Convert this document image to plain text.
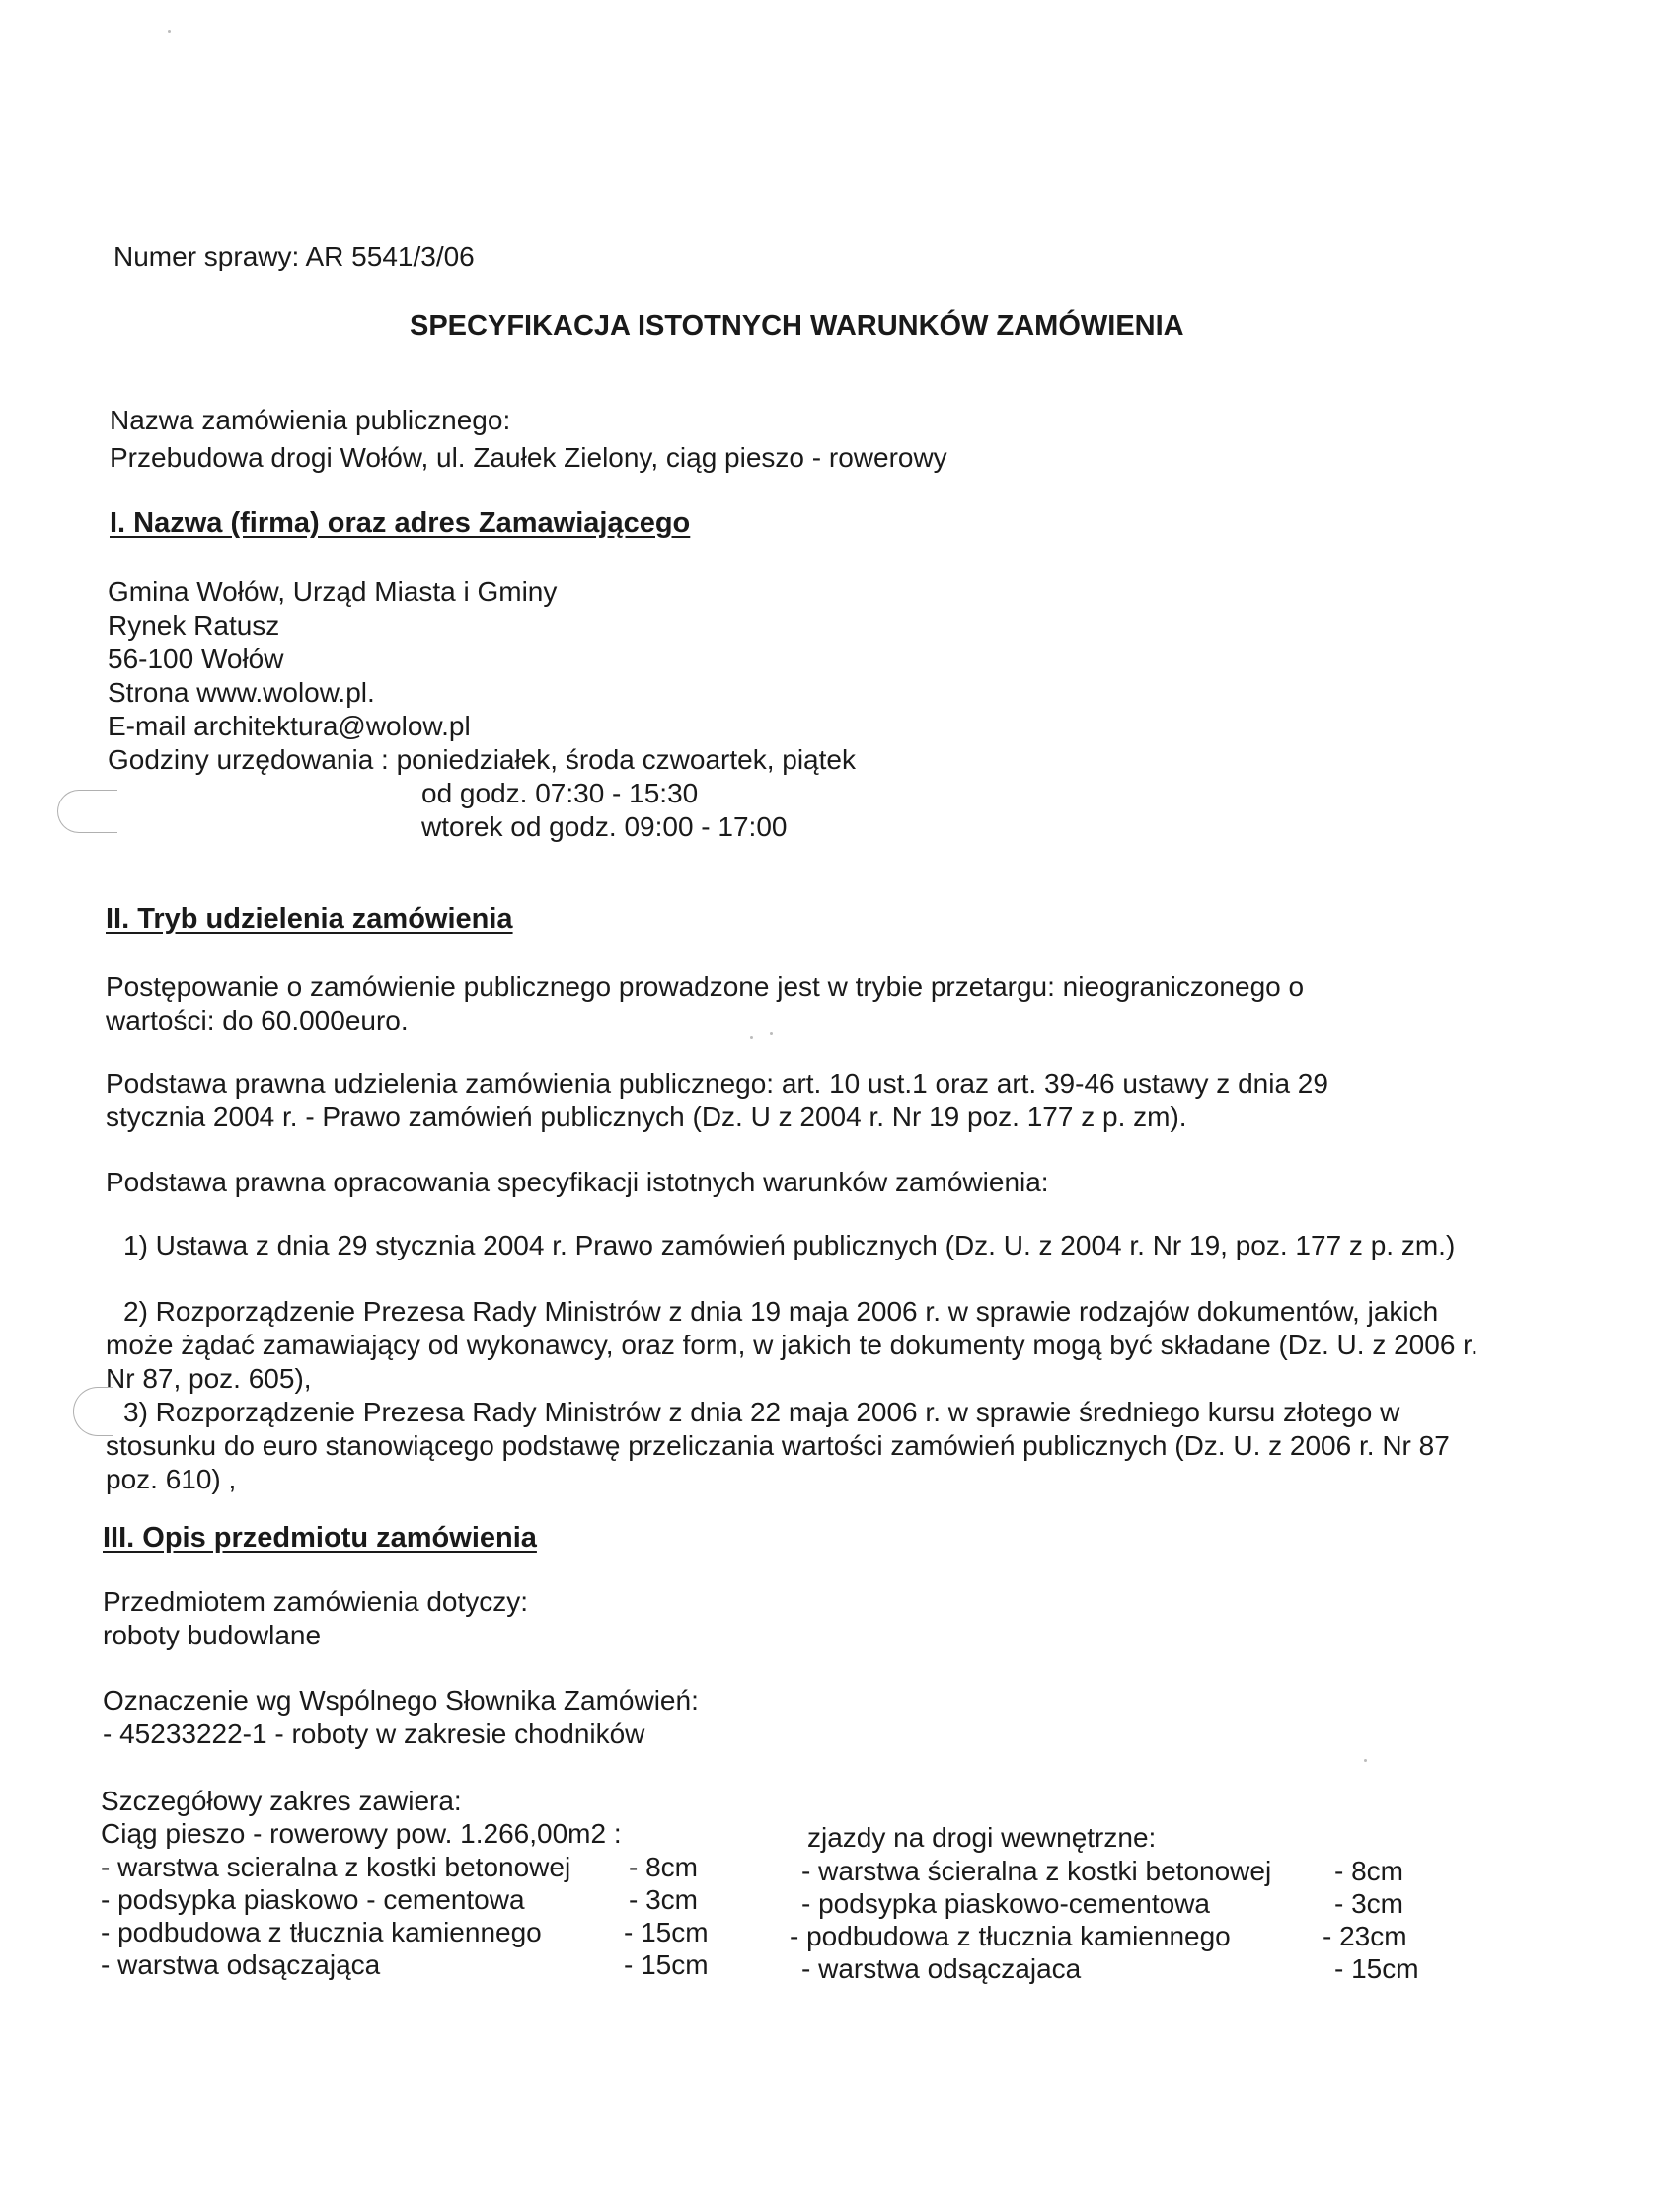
Numer sprawy: AR 5541/3/06
SPECYFIKACJA ISTOTNYCH WARUNKÓW ZAMÓWIENIA
Nazwa zamówienia publicznego:
Przebudowa drogi Wołów, ul. Zaułek Zielony, ciąg pieszo - rowerowy
I. Nazwa (firma) oraz adres Zamawiającego
Gmina Wołów, Urząd Miasta i Gminy
Rynek Ratusz
56-100 Wołów
Strona www.wolow.pl.
E-mail architektura@wolow.pl
Godziny urzędowania : poniedziałek, środa czwoartek, piątek
od godz. 07:30 - 15:30
wtorek od godz. 09:00 - 17:00
II. Tryb udzielenia zamówienia
Postępowanie o zamówienie publicznego prowadzone jest w trybie przetargu: nieograniczonego o wartości: do 60.000euro.
Podstawa prawna udzielenia zamówienia publicznego: art. 10 ust.1 oraz art. 39-46 ustawy z dnia 29 stycznia 2004 r. - Prawo zamówień publicznych (Dz. U z 2004 r. Nr 19 poz. 177 z p. zm).
Podstawa prawna opracowania specyfikacji istotnych warunków zamówienia:
1) Ustawa z dnia 29 stycznia 2004 r. Prawo zamówień publicznych (Dz. U. z 2004 r. Nr 19, poz. 177 z p. zm.)
2) Rozporządzenie Prezesa Rady Ministrów z dnia 19 maja 2006 r. w sprawie rodzajów dokumentów, jakich może żądać zamawiający od wykonawcy, oraz form, w jakich te dokumenty mogą być składane (Dz. U. z 2006 r. Nr 87, poz. 605),
3) Rozporządzenie Prezesa Rady Ministrów z dnia 22 maja 2006 r. w sprawie średniego kursu złotego w stosunku do euro stanowiącego podstawę przeliczania wartości zamówień publicznych (Dz. U. z 2006 r. Nr 87 poz. 610) ,
III. Opis przedmiotu zamówienia
Przedmiotem zamówienia dotyczy:
roboty budowlane
Oznaczenie wg Wspólnego Słownika Zamówień:
- 45233222-1 - roboty w zakresie chodników
Szczegółowy zakres zawiera:
Ciąg pieszo - rowerowy pow. 1.266,00m2 :
- warstwa scieralna z kostki betonowej - 8cm
- podsypka piaskowo - cementowa	- 3cm
- podbudowa z tłucznia kamiennego	- 15cm
- warstwa odsączająca	- 15cm
zjazdy na drogi wewnętrzne:
- warstwa ścieralna z kostki betonowej - 8cm
- podsypka piaskowo-cementowa	- 3cm
- podbudowa z tłucznia kamiennego	- 23cm
- warstwa odsączajaca	- 15cm
